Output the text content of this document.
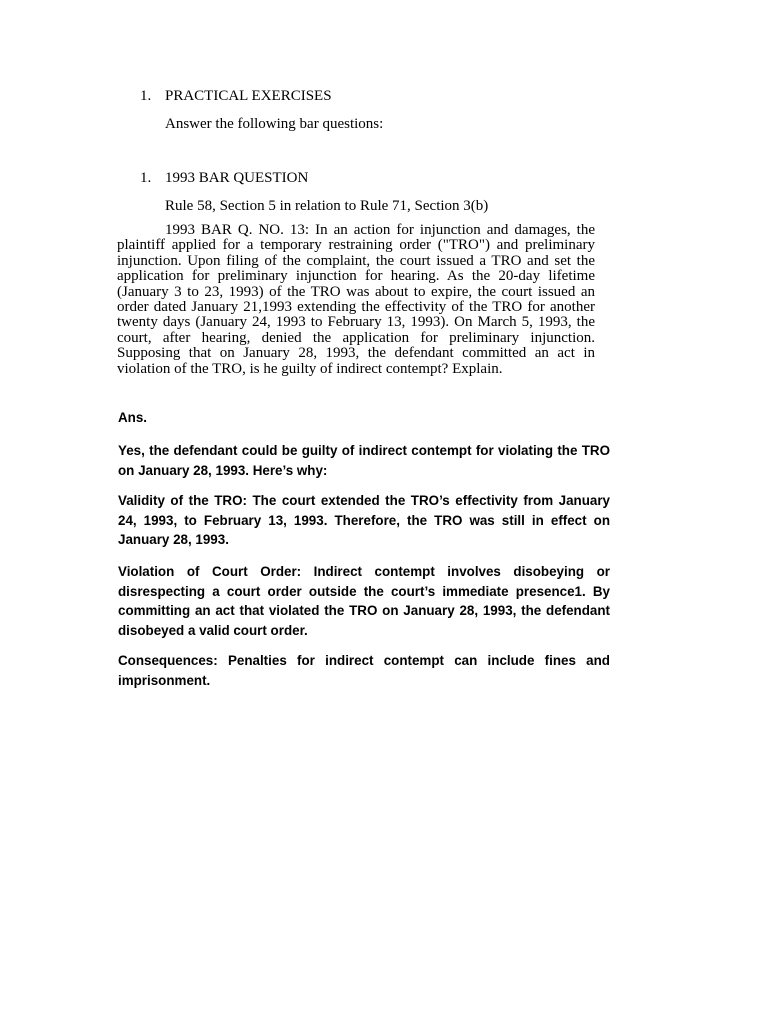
1. PRACTICAL EXERCISES
Answer the following bar questions:
1. 1993 BAR QUESTION
Rule 58, Section 5 in relation to Rule 71, Section 3(b)
1993 BAR Q. NO. 13: In an action for injunction and damages, the plaintiff applied for a temporary restraining order ("TRO") and preliminary injunction. Upon filing of the complaint, the court issued a TRO and set the application for preliminary injunction for hearing. As the 20-day lifetime (January 3 to 23, 1993) of the TRO was about to expire, the court issued an order dated January 21,1993 extending the effectivity of the TRO for another twenty days (January 24, 1993 to February 13, 1993). On March 5, 1993, the court, after hearing, denied the application for preliminary injunction. Supposing that on January 28, 1993, the defendant committed an act in violation of the TRO, is he guilty of indirect contempt? Explain.
Ans.
Yes, the defendant could be guilty of indirect contempt for violating the TRO on January 28, 1993. Here’s why:
Validity of the TRO: The court extended the TRO’s effectivity from January 24, 1993, to February 13, 1993. Therefore, the TRO was still in effect on January 28, 1993.
Violation of Court Order: Indirect contempt involves disobeying or disrespecting a court order outside the court’s immediate presence1. By committing an act that violated the TRO on January 28, 1993, the defendant disobeyed a valid court order.
Consequences: Penalties for indirect contempt can include fines and imprisonment.
